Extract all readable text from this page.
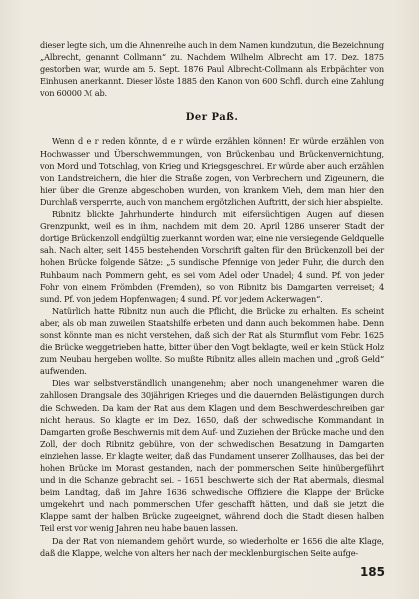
dieser legte sich, um die Ahnenreihe auch in dem Namen kundzutun, die Bezeichnung „Albrecht, genannt Collmann“ zu. Nachdem Wilhelm Albrecht am 17. Dez. 1875 gestorben war, wurde am 5. Sept. 1876 Paul Albrecht-Collmann als Erbpächter von Einhusen anerkannt. Dieser löste 1885 den Kanon von 600 Schfl. durch eine Zahlung von 60000 ℳ ab.

Der Paß.

Wenn d e r reden könnte, d e r würde erzählen können! Er würde erzählen von Hochwasser und Überschwemmungen, von Brückenbau und Brückenvernichtung, von Mord und Totschlag, von Krieg und Kriegsgeschrei. Er würde aber auch erzählen von Landstreichern, die hier die Straße zogen, von Verbrechern und Zigeunern, die hier über die Grenze abgeschoben wurden, von krankem Vieh, dem man hier den Durchlaß versperrte, auch von manchem ergötzlichen Auftritt, der sich hier abspielte.

Ribnitz blickte Jahrhunderte hindurch mit eifersüchtigen Augen auf diesen Grenzpunkt, weil es in ihm, nachdem mit dem 20. April 1286 unserer Stadt der dortige Brückenzoll endgültig zuerkannt worden war, eine nie versiegende Geldquelle sah. Nach alter, seit 1455 bestehenden Vorschrift galten für den Brückenzoll bei der hohen Brücke folgende Sätze: „5 sundische Pfennige von jeder Fuhr, die durch den Ruhbaum nach Pommern geht, es sei vom Adel oder Unadel; 4 sund. Pf. von jeder Fohr von einem Frömbden (Fremden), so von Ribnitz bis Damgarten verreiset; 4 sund. Pf. von jedem Hopfenwagen; 4 sund. Pf. vor jedem Ackerwagen“.

Natürlich hatte Ribnitz nun auch die Pflicht, die Brücke zu erhalten. Es scheint aber, als ob man zuweilen Staatshilfe erbeten und dann auch bekommen habe. Denn sonst könnte man es nicht verstehen, daß sich der Rat als Sturmflut vom Febr. 1625 die Brücke weggetrieben hatte, bitter über den Vogt beklagte, weil er kein Stück Holz zum Neubau hergeben wollte. So mußte Ribnitz alles allein machen und „groß Geld“ aufwenden.

Dies war selbstverständlich unangenehm; aber noch unangenehmer waren die zahllosen Drangsale des 30jährigen Krieges und die dauernden Belästigungen durch die Schweden. Da kam der Rat aus dem Klagen und dem Beschwerdeschreiben gar nicht heraus. So klagte er im Dez. 1650, daß der schwedische Kommandant in Damgarten große Beschwernis mit dem Auf- und Zuziehen der Brücke mache und den Zoll, der doch Ribnitz gebühre, von der schwedischen Besatzung in Damgarten einziehen lasse. Er klagte weiter, daß das Fundament unserer Zollhauses, das bei der hohen Brücke im Morast gestanden, nach der pommerschen Seite hinübergeführt und in die Schanze gebracht sei. – 1651 beschwerte sich der Rat abermals, diesmal beim Landtag, daß im Jahre 1636 schwedische Offiziere die Klappe der Brücke umgekehrt und nach pommerschen Ufer geschafft hätten, und daß sie jetzt die Klappe samt der halben Brücke zugeeignet, während doch die Stadt diesen halben Teil erst vor wenig Jahren neu habe bauen lassen.

Da der Rat von niemandem gehört wurde, so wiederholte er 1656 die alte Klage, daß die Klappe, welche von alters her nach der mecklenburgischen Seite aufge-

185
